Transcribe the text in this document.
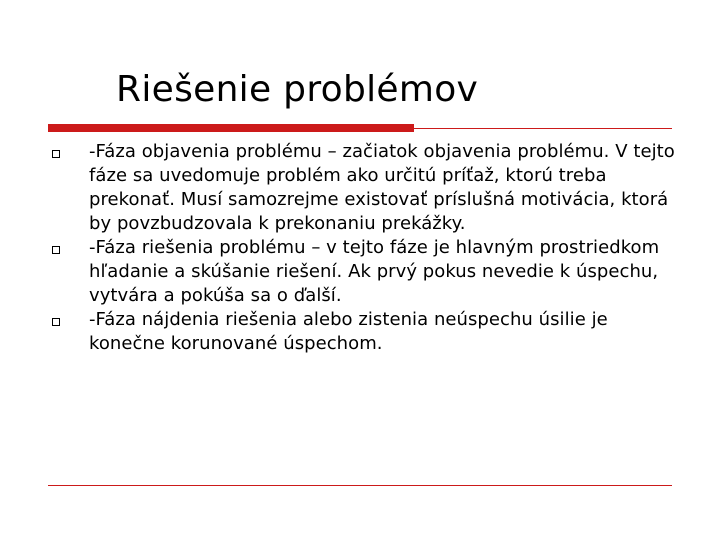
Riešenie problémov
-Fáza objavenia problému – začiatok objavenia problému. V tejto fáze sa uvedomuje problém ako určitú príťaž, ktorú treba prekonať. Musí samozrejme existovať príslušná motivácia, ktorá by povzbudzovala k prekonaniu prekážky.
-Fáza riešenia problému – v tejto fáze je hlavným prostriedkom hľadanie a skúšanie riešení. Ak prvý pokus nevedie k úspechu, vytvára a pokúša sa o ďalší.
-Fáza nájdenia riešenia alebo zistenia neúspechu úsilie je konečne korunované úspechom.
